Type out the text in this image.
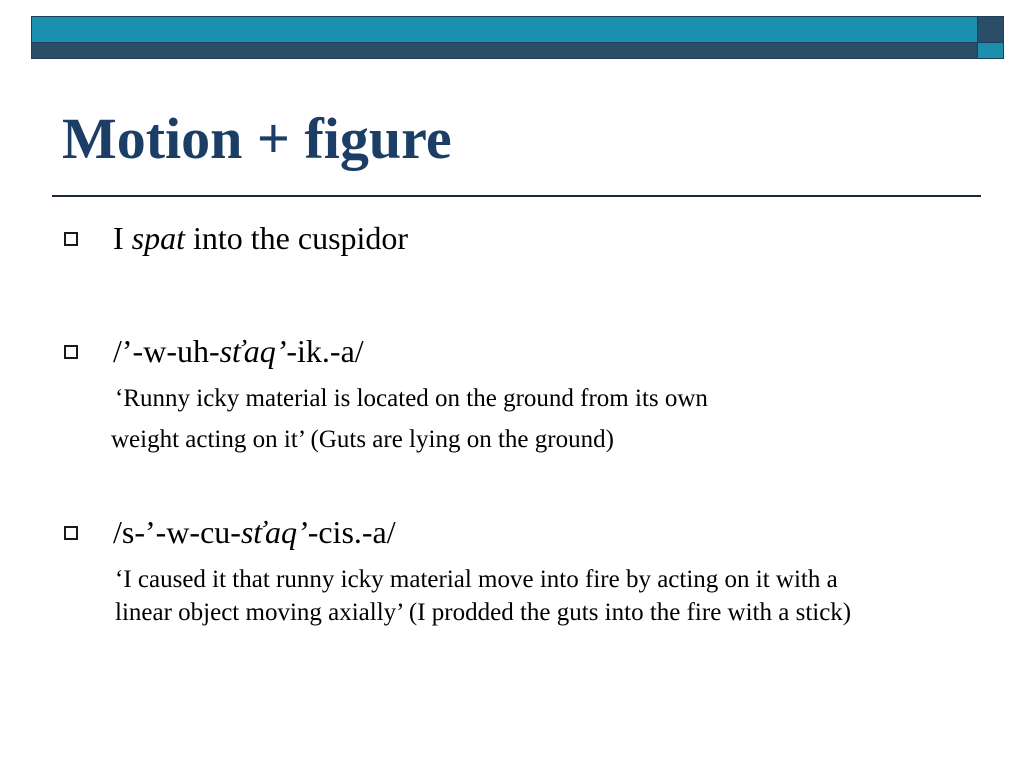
Motion + figure
I spat into the cuspidor
/’-w-uh-sťaq’-ik.-a/
‘Runny icky material is located on the ground from its own
weight acting on it’ (Guts are lying on the ground)
/s-’-w-cu-sťaq’-cis.-a/
‘I caused it that runny icky material move into fire by acting on it with a
linear object moving axially’ (I prodded the guts into the fire with a stick)
